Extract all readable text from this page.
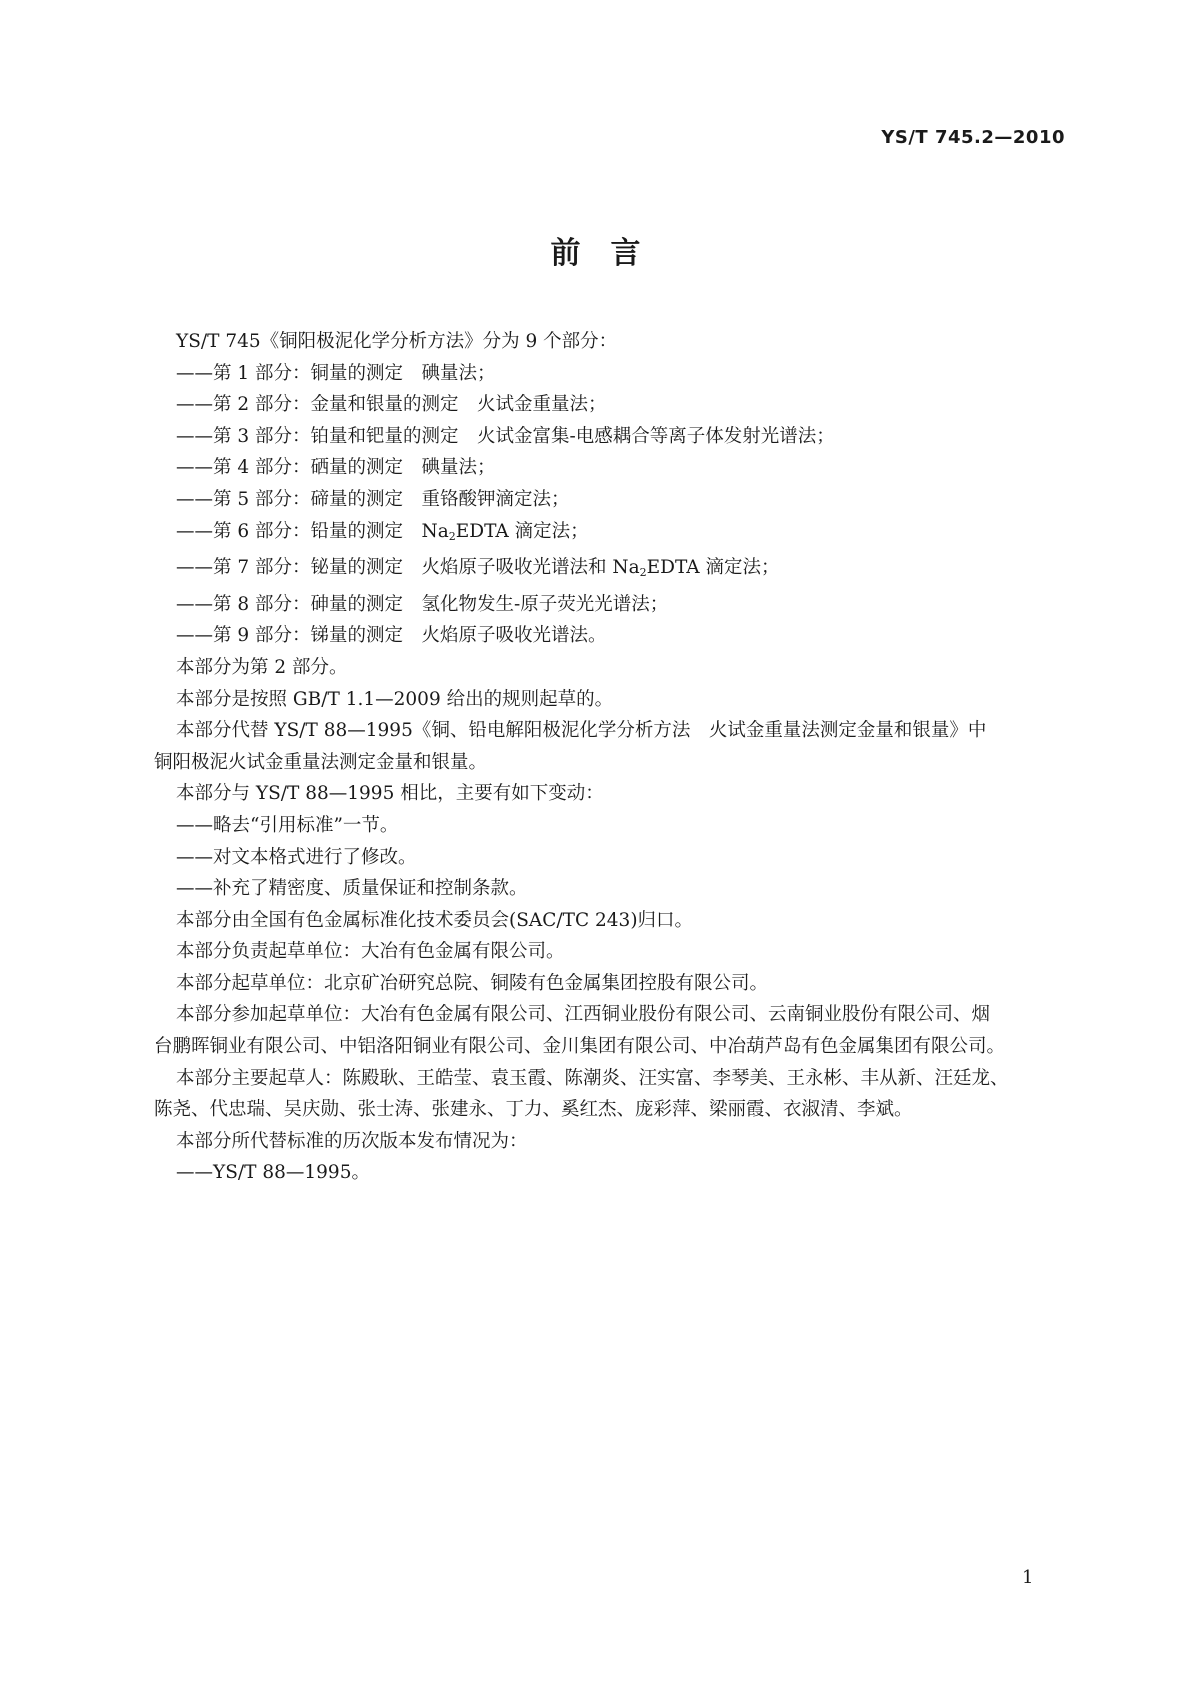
YS/T 745.2—2010
前　言
YS/T 745《铜阳极泥化学分析方法》分为 9 个部分：
——第 1 部分：铜量的测定　碘量法；
——第 2 部分：金量和银量的测定　火试金重量法；
——第 3 部分：铂量和钯量的测定　火试金富集-电感耦合等离子体发射光谱法；
——第 4 部分：硒量的测定　碘量法；
——第 5 部分：碲量的测定　重铬酸钾滴定法；
——第 6 部分：铅量的测定　$Na_2EDTA$ 滴定法；
——第 7 部分：铋量的测定　火焰原子吸收光谱法和 $Na_2EDTA$ 滴定法；
——第 8 部分：砷量的测定　氢化物发生-原子荧光光谱法；
——第 9 部分：锑量的测定　火焰原子吸收光谱法。
本部分为第 2 部分。
本部分是按照 GB/T 1.1—2009 给出的规则起草的。
本部分代替 YS/T 88—1995《铜、铅电解阳极泥化学分析方法　火试金重量法测定金量和银量》中
铜阳极泥火试金重量法测定金量和银量。
本部分与 YS/T 88—1995 相比，主要有如下变动：
——略去“引用标准”一节。
——对文本格式进行了修改。
——补充了精密度、质量保证和控制条款。
本部分由全国有色金属标准化技术委员会(SAC/TC 243)归口。
本部分负责起草单位：大冶有色金属有限公司。
本部分起草单位：北京矿冶研究总院、铜陵有色金属集团控股有限公司。
本部分参加起草单位：大冶有色金属有限公司、江西铜业股份有限公司、云南铜业股份有限公司、烟
台鹏晖铜业有限公司、中铝洛阳铜业有限公司、金川集团有限公司、中冶葫芦岛有色金属集团有限公司。
本部分主要起草人：陈殿耿、王皓莹、袁玉霞、陈潮炎、汪实富、李琴美、王永彬、丰从新、汪廷龙、
陈尧、代忠瑞、吴庆勋、张士涛、张建永、丁力、奚红杰、庞彩萍、梁丽霞、衣淑清、李斌。
本部分所代替标准的历次版本发布情况为：
——YS/T 88—1995。
1
